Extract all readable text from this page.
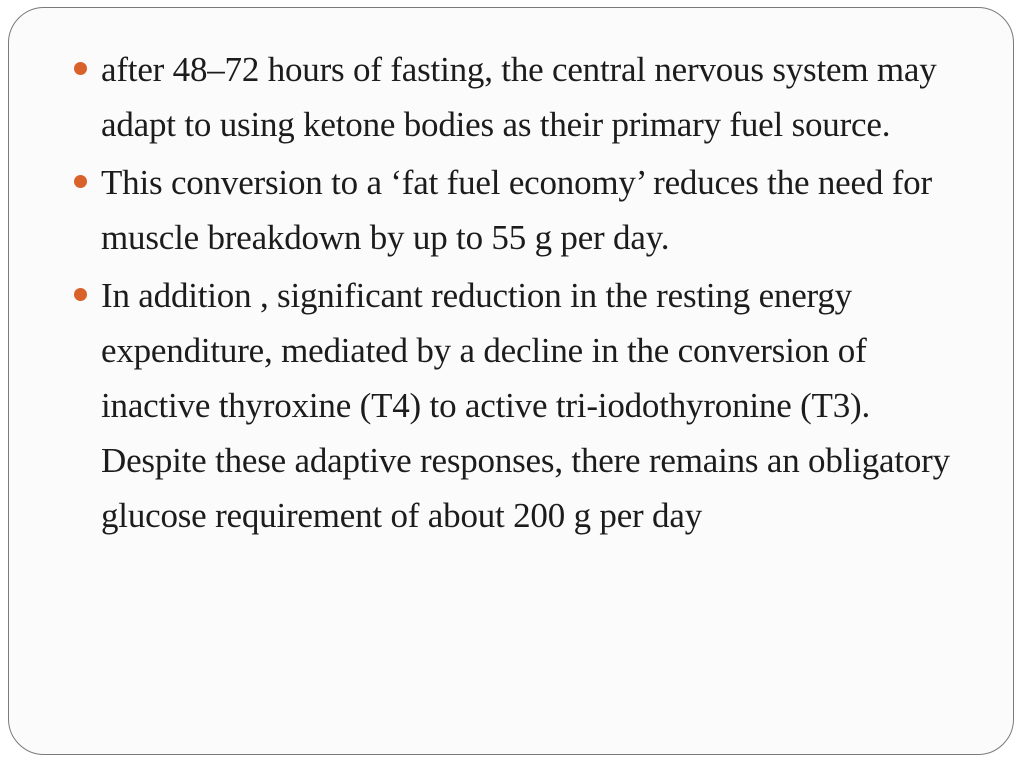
after 48–72 hours of fasting, the central nervous system may adapt to using ketone bodies as their primary fuel source.
This conversion to a ‘fat fuel economy’ reduces the need for muscle breakdown by up to 55 g per day.
In addition , significant reduction in the resting energy expenditure, mediated by a decline in the conversion of inactive thyroxine (T4) to active tri-iodothyronine (T3). Despite these adaptive responses, there remains an obligatory glucose requirement of about 200 g per day
